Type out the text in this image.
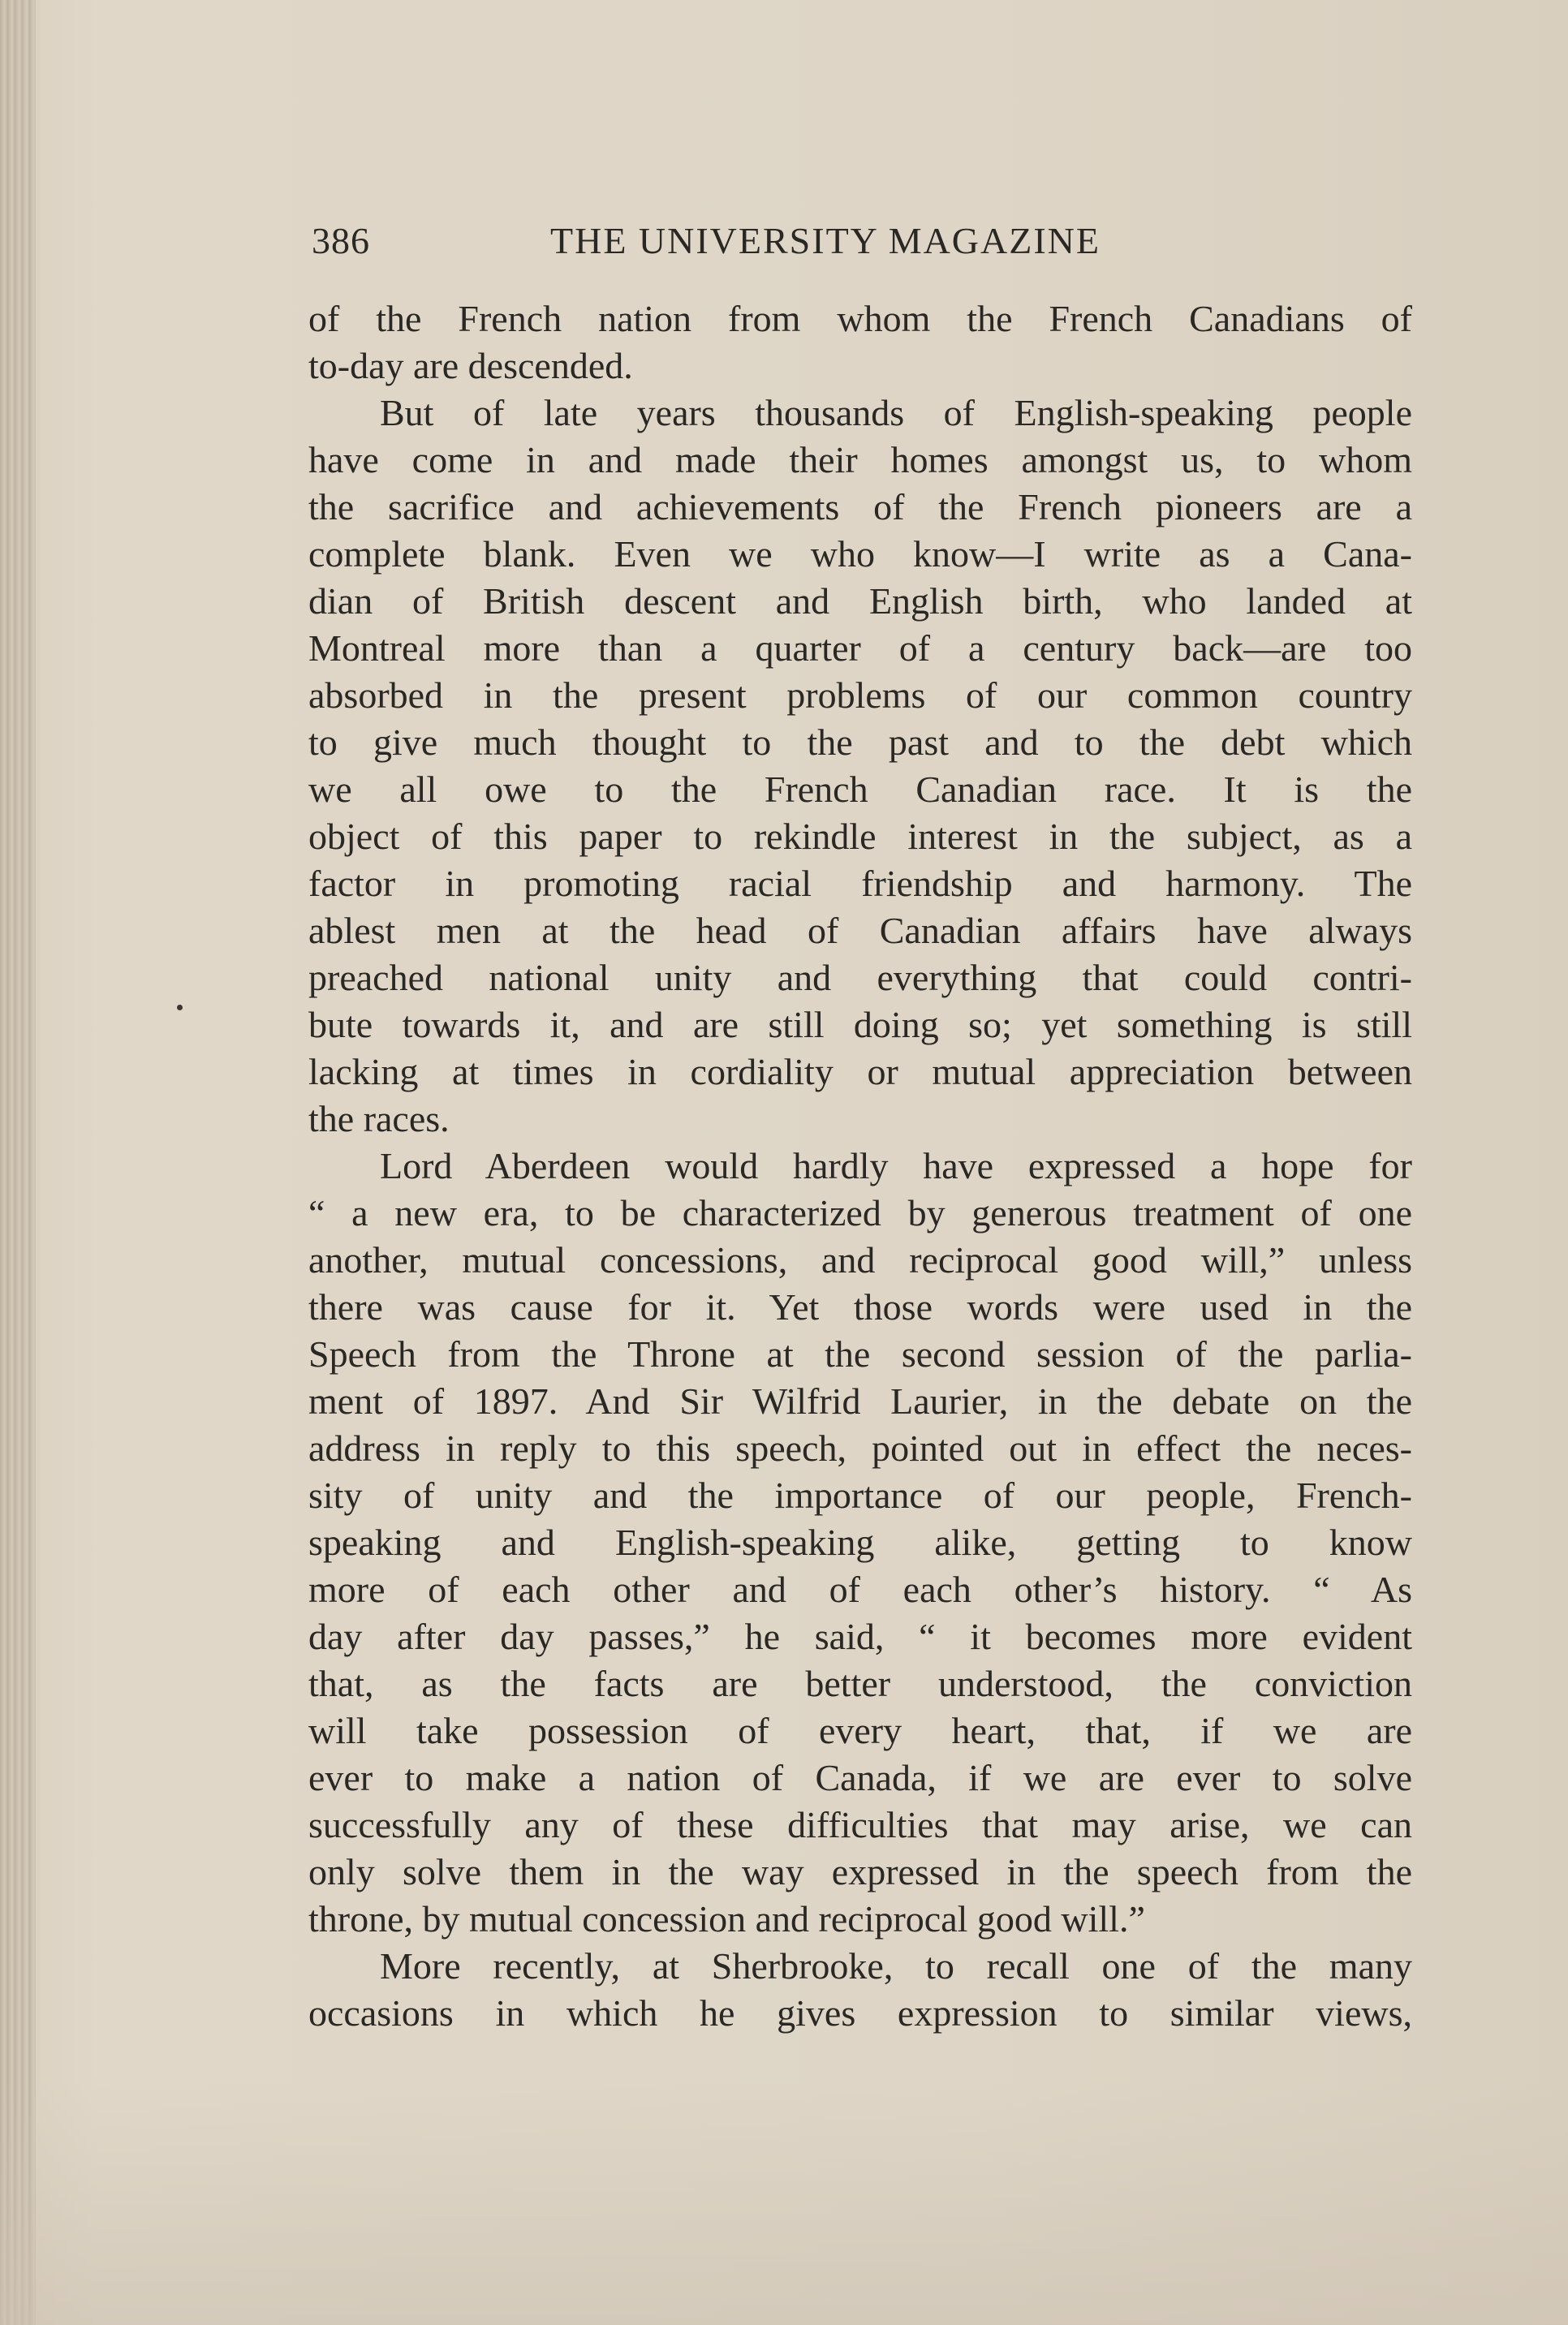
386	THE UNIVERSITY MAGAZINE
of the French nation from whom the French Canadians of
to-day are descended.
But of late years thousands of English-speaking people
have come in and made their homes amongst us, to whom
the sacrifice and achievements of the French pioneers are a
complete blank. Even we who know—I write as a Cana-
dian of British descent and English birth, who landed at
Montreal more than a quarter of a century back—are too
absorbed in the present problems of our common country
to give much thought to the past and to the debt which
we all owe to the French Canadian race. It is the
object of this paper to rekindle interest in the subject, as a
factor in promoting racial friendship and harmony. The
ablest men at the head of Canadian affairs have always
preached national unity and everything that could contri-
bute towards it, and are still doing so; yet something is still
lacking at times in cordiality or mutual appreciation between
the races.
Lord Aberdeen would hardly have expressed a hope for
“ a new era, to be characterized by generous treatment of one
another, mutual concessions, and reciprocal good will,” unless
there was cause for it. Yet those words were used in the
Speech from the Throne at the second session of the parlia-
ment of 1897. And Sir Wilfrid Laurier, in the debate on the
address in reply to this speech, pointed out in effect the neces-
sity of unity and the importance of our people, French-
speaking and English-speaking alike, getting to know
more of each other and of each other’s history. “ As
day after day passes,” he said, “ it becomes more evident
that, as the facts are better understood, the conviction
will take possession of every heart, that, if we are
ever to make a nation of Canada, if we are ever to solve
successfully any of these difficulties that may arise, we can
only solve them in the way expressed in the speech from the
throne, by mutual concession and reciprocal good will.”
More recently, at Sherbrooke, to recall one of the many
occasions in which he gives expression to similar views,
